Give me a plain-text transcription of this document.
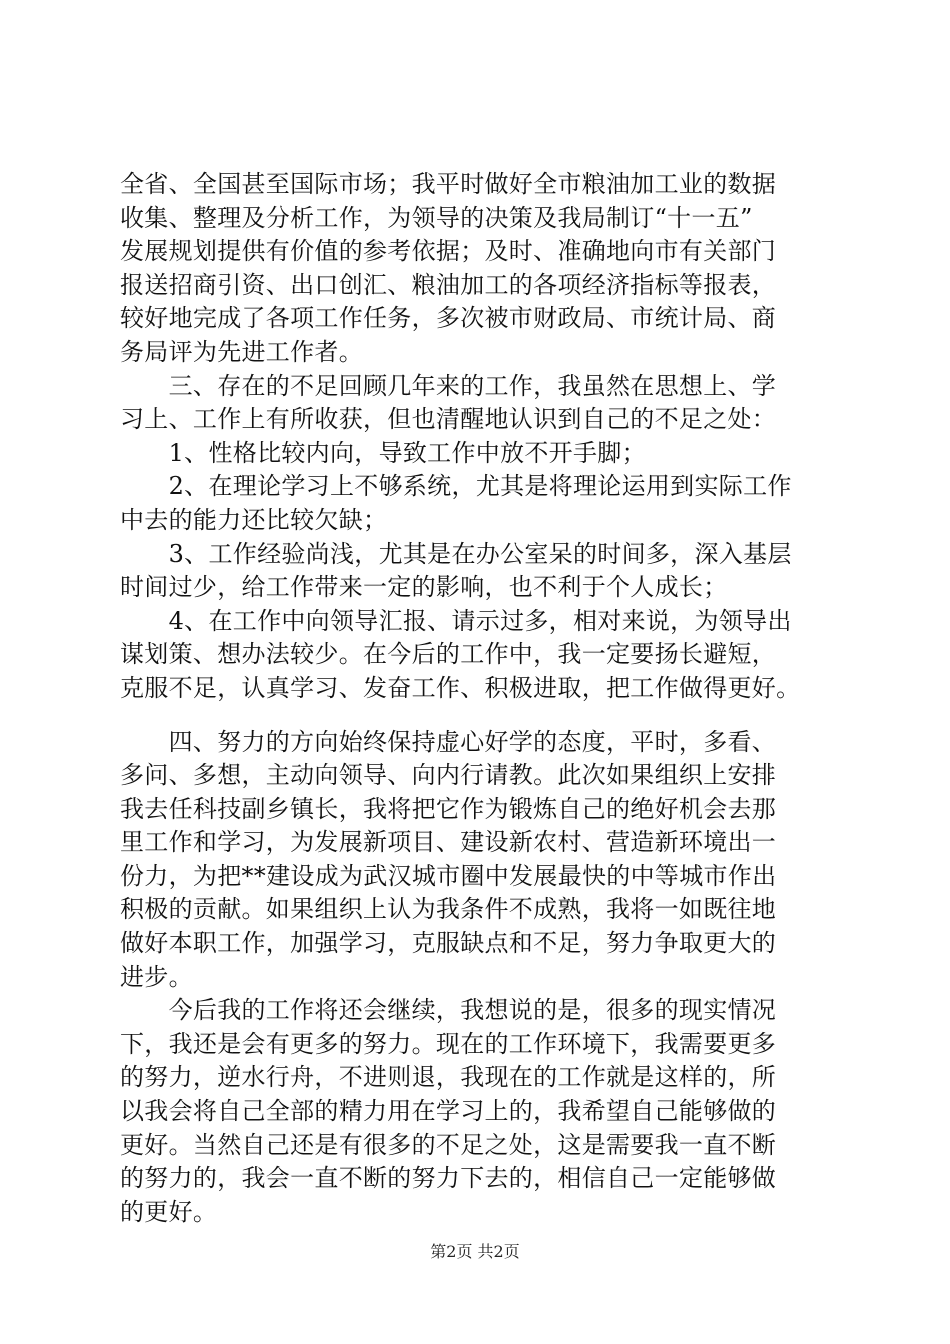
全省、全国甚至国际市场；我平时做好全市粮油加工业的数据
收集、整理及分析工作，为领导的决策及我局制订“十一五”
发展规划提供有价值的参考依据；及时、准确地向市有关部门
报送招商引资、出口创汇、粮油加工的各项经济指标等报表，
较好地完成了各项工作任务，多次被市财政局、市统计局、商
务局评为先进工作者。
　　三、存在的不足回顾几年来的工作，我虽然在思想上、学
习上、工作上有所收获，但也清醒地认识到自己的不足之处：
　　1、性格比较内向，导致工作中放不开手脚；
　　2、在理论学习上不够系统，尤其是将理论运用到实际工作
中去的能力还比较欠缺；
　　3、工作经验尚浅，尤其是在办公室呆的时间多，深入基层
时间过少，给工作带来一定的影响，也不利于个人成长；
　　4、在工作中向领导汇报、请示过多，相对来说，为领导出
谋划策、想办法较少。在今后的工作中，我一定要扬长避短，
克服不足，认真学习、发奋工作、积极进取，把工作做得更好。
　　四、努力的方向始终保持虚心好学的态度，平时，多看、
多问、多想，主动向领导、向内行请教。此次如果组织上安排
我去任科技副乡镇长，我将把它作为锻炼自己的绝好机会去那
里工作和学习，为发展新项目、建设新农村、营造新环境出一
份力，为把**建设成为武汉城市圈中发展最快的中等城市作出
积极的贡献。如果组织上认为我条件不成熟，我将一如既往地
做好本职工作，加强学习，克服缺点和不足，努力争取更大的
进步。
　　今后我的工作将还会继续，我想说的是，很多的现实情况
下，我还是会有更多的努力。现在的工作环境下，我需要更多
的努力，逆水行舟，不进则退，我现在的工作就是这样的，所
以我会将自己全部的精力用在学习上的，我希望自己能够做的
更好。当然自己还是有很多的不足之处，这是需要我一直不断
的努力的，我会一直不断的努力下去的，相信自己一定能够做
的更好。
第2页 共2页
